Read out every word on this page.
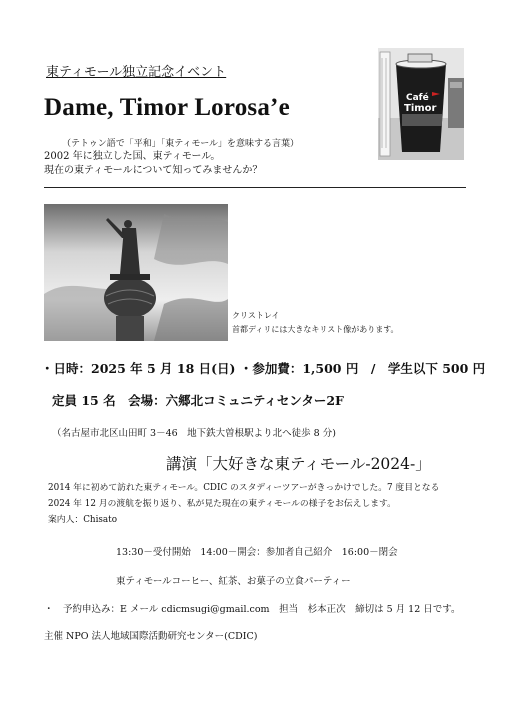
東ティモール独立記念イベント
Dame, Timor Lorosa’e
（テトゥン語で「平和」「東ティモール」を意味する言葉）
2002 年に独立した国、東ティモール。
現在の東ティモールについて知ってみませんか？
Café
Timor
クリストレイ
首都ディリには大きなキリスト像があります。
・日時：2025 年 5 月 18 日(日) ・参加費：1,500 円　/　学生以下 500 円
定員 15 名　会場：六郷北コミュニティセンター2F
（名古屋市北区山田町 3－46　地下鉄大曽根駅より北へ徒歩 8 分)
講演「大好きな東ティモール-2024-」
2014 年に初めて訪れた東ティモール。CDIC のスタディーツアーがきっかけでした。7 度目となる
2024 年 12 月の渡航を振り返り、私が見た現在の東ティモールの様子をお伝えします。
案内人：Chisato
13:30－受付開始　14:00－開会：参加者自己紹介　16:00－閉会
東ティモールコーヒー、紅茶、お菓子の立食パーティー
・　予約申込み：E メール cdicmsugi@gmail.com　担当　杉本正次　締切は 5 月 12 日です。
主催 NPO 法人地域国際活動研究センター(CDIC)
